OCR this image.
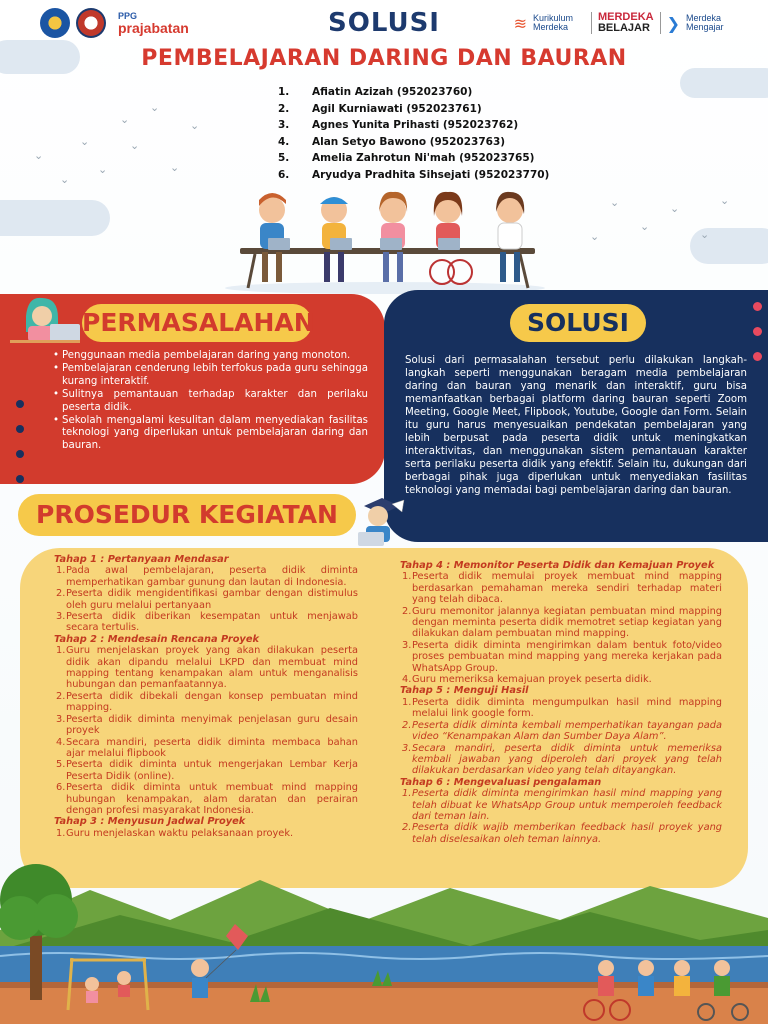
⌄
⌄	⌄
⌄	⌄
⌄
⌄	⌄
⌄
⌄	⌄
⌄
⌄
⌄
⌄
PPG
prajabatan	≋ Kurikulum Merdeka
MERDEKA
BELAJAR ❯ Merdeka Mengajar
SOLUSI
PEMBELAJARAN DARING DAN BAURAN
1.	Afiatin Azizah (952023760)
2.	Agil Kurniawati (952023761)
3.	Agnes Yunita Prihasti (952023762)
4.	Alan Setyo Bawono (952023763)
5.	Amelia Zahrotun Ni'mah (952023765)
6.	Aryudya Pradhita Sihsejati (952023770)
PERMASALAHAN
• Penggunaan media pembelajaran daring yang monoton.
• Pembelajaran cenderung lebih terfokus pada guru sehingga kurang interaktif.
• Sulitnya pemantauan terhadap karakter dan perilaku peserta didik.
• Sekolah mengalami kesulitan dalam menyediakan fasilitas teknologi yang diperlukan untuk pembelajaran daring dan bauran.
SOLUSI
Solusi dari permasalahan tersebut perlu dilakukan langkah-langkah seperti menggunakan beragam media pembelajaran daring dan bauran yang menarik dan interaktif, guru bisa memanfaatkan berbagai platform daring bauran seperti Zoom Meeting, Google Meet, Flipbook, Youtube, Google dan Form. Selain itu guru harus menyesuaikan pendekatan pembelajaran yang lebih berpusat pada peserta didik untuk meningkatkan interaktivitas, dan menggunakan sistem pemantauan karakter serta perilaku peserta didik yang efektif. Selain itu, dukungan dari berbagai pihak juga diperlukan untuk menyediakan fasilitas teknologi yang memadai bagi pembelajaran daring dan bauran.
PROSEDUR KEGIATAN
Tahap 1 : Pertanyaan Mendasar
1. Pada awal pembelajaran, peserta didik diminta memperhatikan gambar gunung dan lautan di Indonesia.
2. Peserta didik mengidentifikasi gambar dengan distimulus oleh guru melalui pertanyaan
3. Peserta didik diberikan kesempatan untuk menjawab secara tertulis.
Tahap 2 : Mendesain Rencana Proyek
1. Guru menjelaskan proyek yang akan dilakukan peserta didik akan dipandu melalui LKPD dan membuat mind mapping tentang kenampakan alam untuk menganalisis hubungan dan pemanfaatannya.
2. Peserta didik dibekali dengan konsep pembuatan mind mapping.
3. Peserta didik diminta menyimak penjelasan guru desain proyek
4. Secara mandiri, peserta didik diminta membaca bahan ajar melalui flipbook
5. Peserta didik diminta untuk mengerjakan Lembar Kerja Peserta Didik (online).
6. Peserta didik diminta untuk membuat mind mapping hubungan kenampakan, alam daratan dan perairan dengan profesi masyarakat Indonesia.
Tahap 3 : Menyusun Jadwal Proyek
1. Guru menjelaskan waktu pelaksanaan proyek.
Tahap 4 : Memonitor Peserta Didik dan Kemajuan Proyek
1. Peserta didik memulai proyek membuat mind mapping berdasarkan pemahaman mereka sendiri terhadap materi yang telah dibaca.
2. Guru memonitor jalannya kegiatan pembuatan mind mapping dengan meminta peserta didik memotret setiap kegiatan yang dilakukan dalam pembuatan mind mapping.
3. Peserta didik diminta mengirimkan dalam bentuk foto/video proses pembuatan mind mapping yang mereka kerjakan pada WhatsApp Group.
4. Guru memeriksa kemajuan proyek peserta didik.
Tahap 5 : Menguji Hasil
1. Peserta didik diminta mengumpulkan hasil mind mapping melalui link google form.
2. Peserta didik diminta kembali memperhatikan tayangan pada video “Kenampakan Alam dan Sumber Daya Alam”.
3. Secara mandiri, peserta didik diminta untuk memeriksa kembali jawaban yang diperoleh dari proyek yang telah dilakukan berdasarkan video yang telah ditayangkan.
Tahap 6 : Mengevaluasi pengalaman
1. Peserta didik diminta mengirimkan hasil mind mapping yang telah dibuat ke WhatsApp Group untuk memperoleh feedback dari teman lain.
2. Peserta didik wajib memberikan feedback hasil proyek yang telah diselesaikan oleh teman lainnya.
